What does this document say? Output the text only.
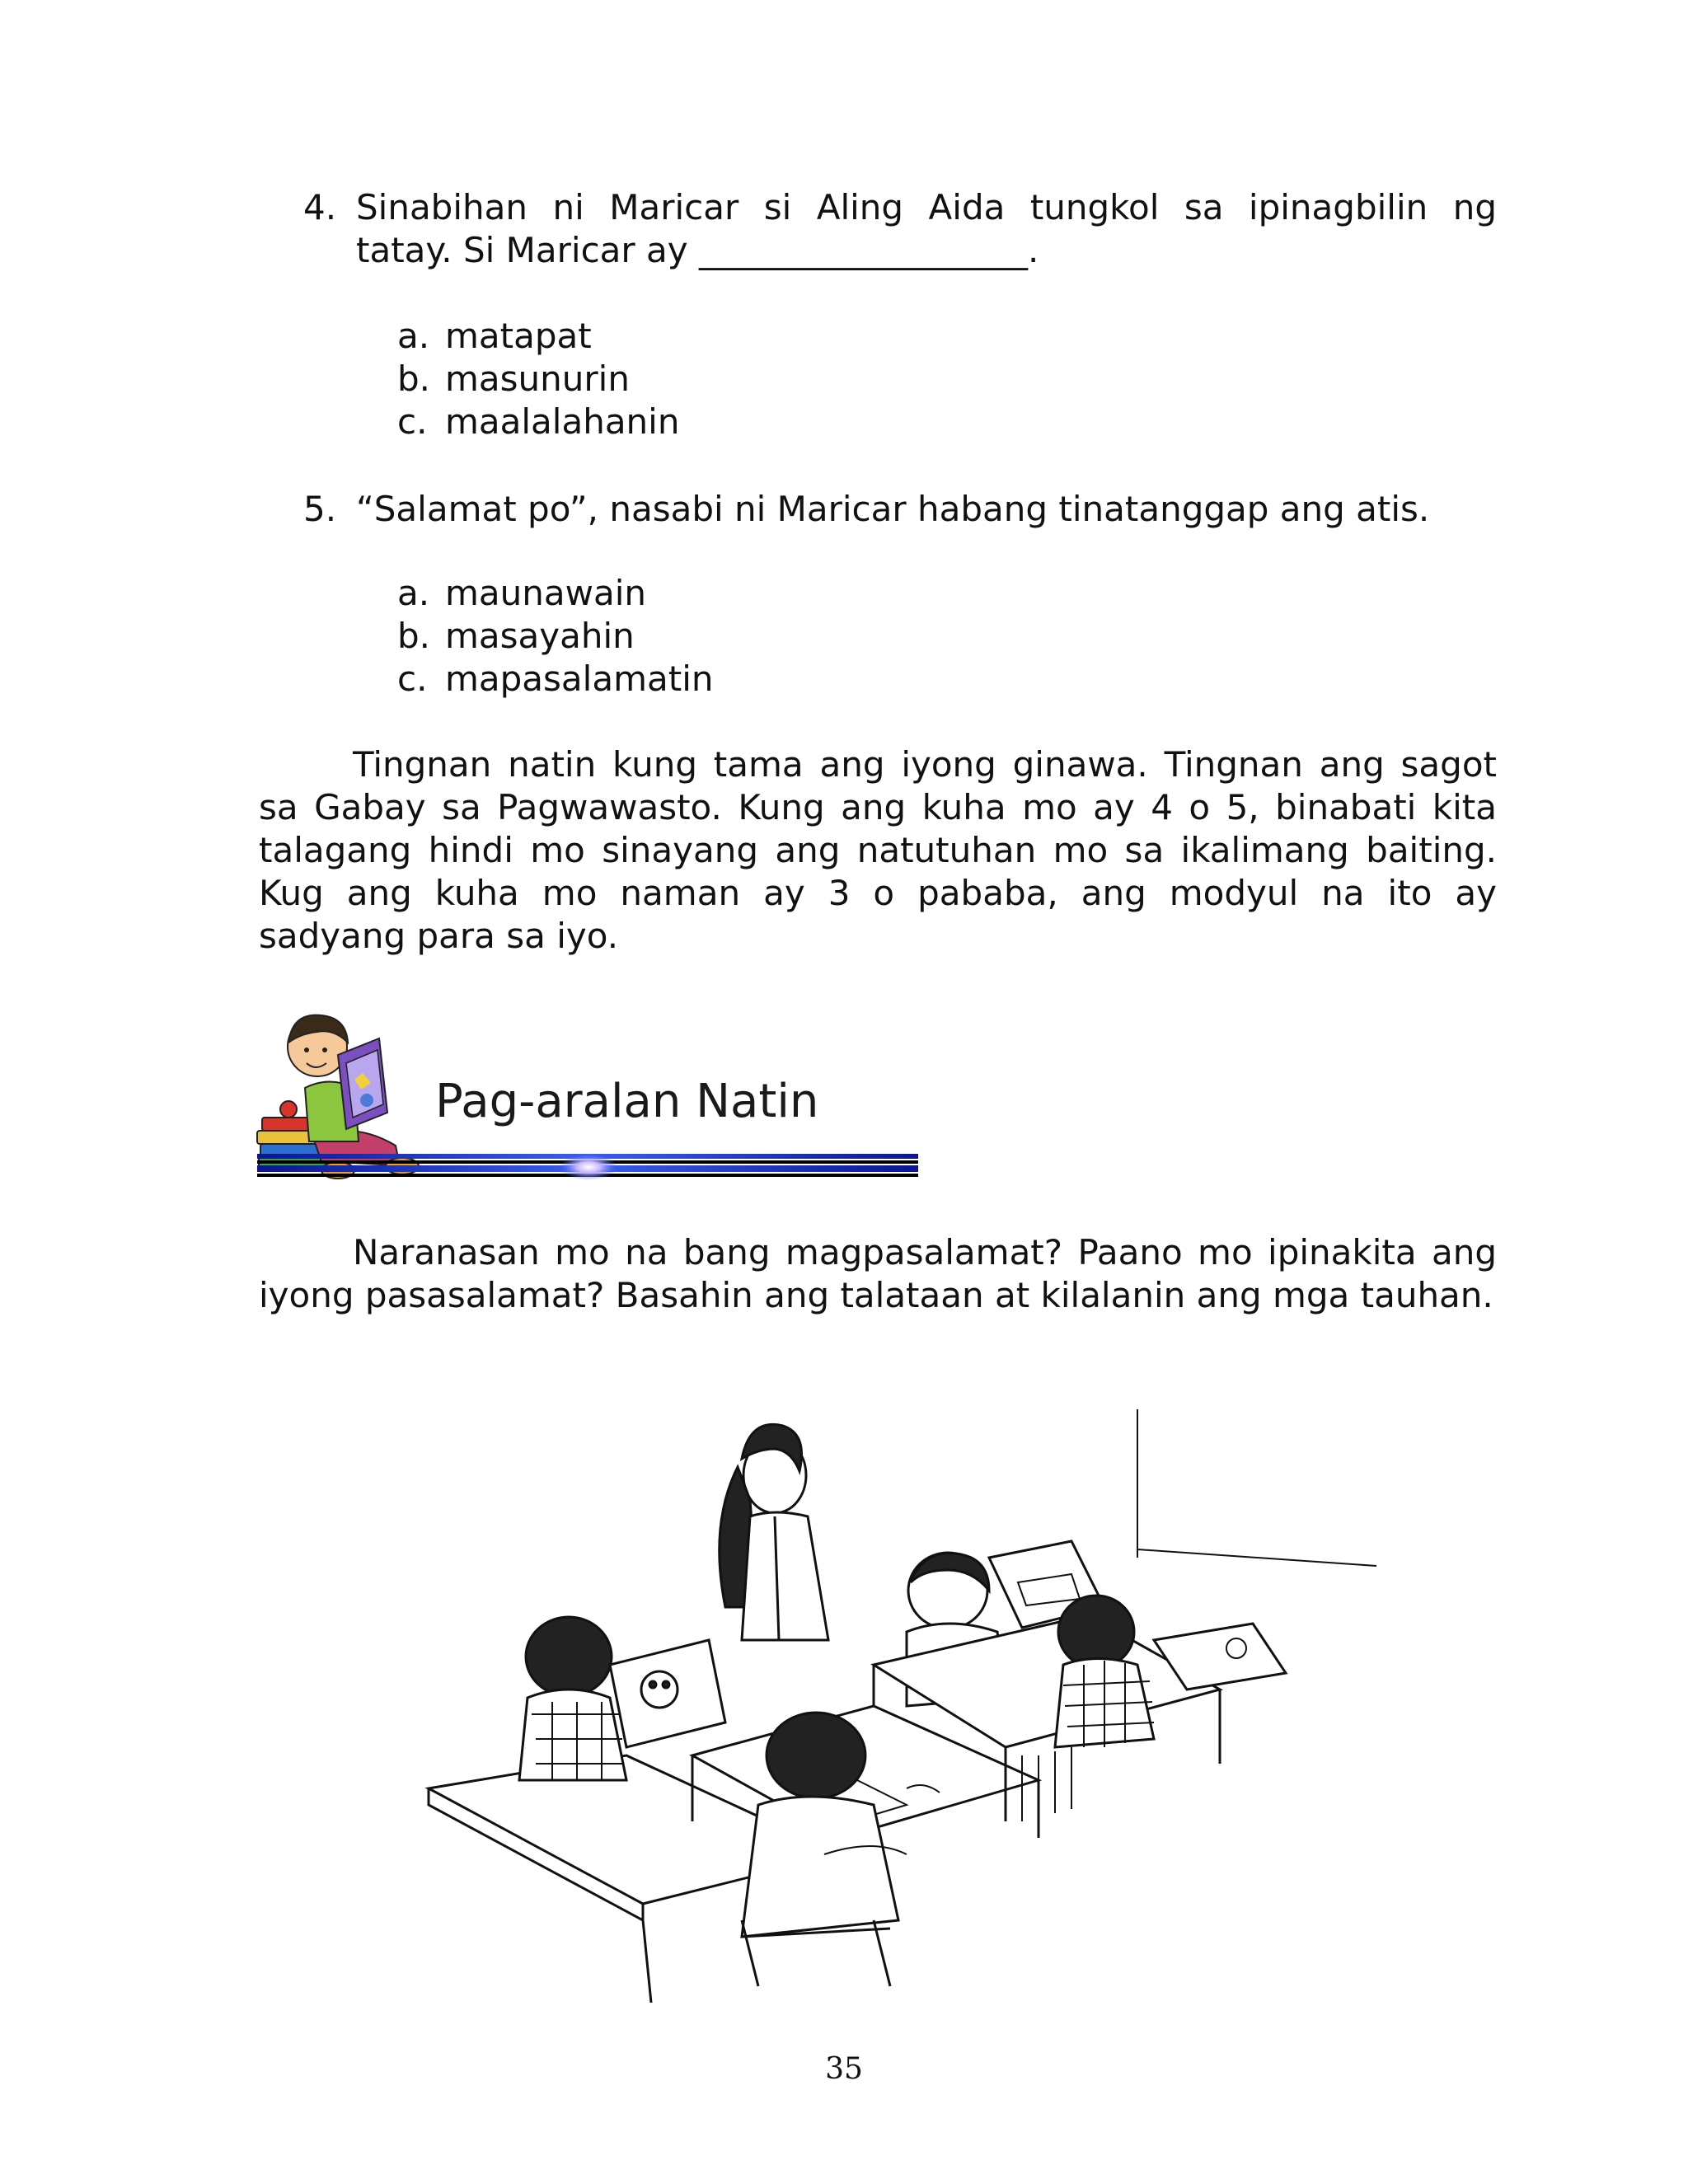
4. Sinabihan ni Maricar si Aling Aida tungkol sa ipinagbilin ng
tatay. Si Maricar ay ___________________.
a. matapat
b. masunurin
c. maalalahanin
5. “Salamat po”, nasabi ni Maricar habang tinatanggap ang atis.
a. maunawain
b. masayahin
c. mapasalamatin
Tingnan natin kung tama ang iyong ginawa. Tingnan ang sagot
sa Gabay sa Pagwawasto. Kung ang kuha mo ay 4 o 5, binabati kita
talagang hindi mo sinayang ang natutuhan mo sa ikalimang baiting.
Kug ang kuha mo naman ay 3 o pababa, ang modyul na ito ay
sadyang para sa iyo.
Pag-aralan Natin
Naranasan mo na bang magpasalamat? Paano mo ipinakita ang
iyong pasasalamat? Basahin ang talataan at kilalanin ang mga tauhan.
35
